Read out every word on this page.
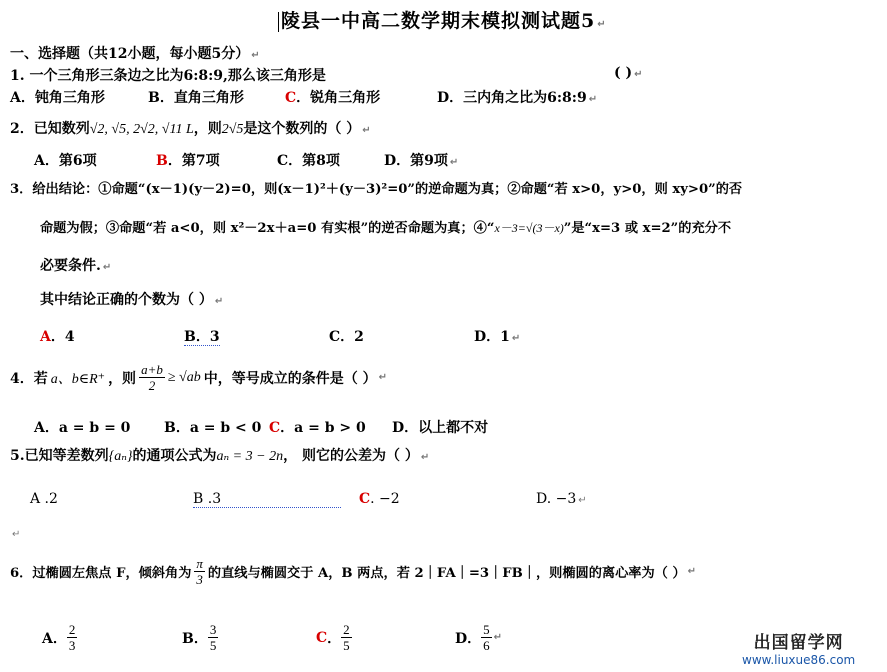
陵县一中高二数学期末模拟测试题5 ↵
一、选择题（共12小题，每小题5分） ↵
1. 一个三角形三条边之比为6:8:9,那么该三角形是	( ) ↵
A．钝角三角形	B．直角三角形	C．锐角三角形	D．三内角之比为6:8:9 ↵
2．已知数列√2, √5, 2√2, √11 L，则2√5是这个数列的（ ） ↵
A．第6项	B．第7项	C．第8项	D．第9项 ↵
3．给出结论：①命题“(x－1)(y－2)=0，则(x－1)²＋(y－3)²=0”的逆命题为真；②命题“若 x>0，y>0，则 xy>0”的否
命题为假；③命题“若 a<0，则 x²－2x＋a=0 有实根”的逆否命题为真；④“x－3=√(3－x)”是“x=3 或 x=2”的充分不
必要条件. ↵
其中结论正确的个数为（ ） ↵
A．4	B．3	C．2	D．1 ↵
4．若 a、b∈R⁺ ，则 $\frac{a+b}{2} \ge √ab$ 中，等号成立的条件是（ ） ↵
A．a = b = 0 B．a = b < 0 C．a = b > 0 D．以上都不对
5.已知等差数列{aₙ}的通项公式为aₙ = 3 − 2n， 则它的公差为（ ） ↵
A .2	B .3	C. −2	D. −3 ↵
↵
6．过椭圆左焦点 F，倾斜角为 $\frac{\pi}{3}$ 的直线与椭圆交于 A，B 两点，若 2｜FA｜=3｜FB｜，则椭圆的离心率为（ ） ↵
A． $\frac{2}{3}$	B． $\frac{3}{5}$	C ． $\frac{2}{5}$	D． $\frac{5}{6}$ ↵	出国留学网
www.liuxue86.com
